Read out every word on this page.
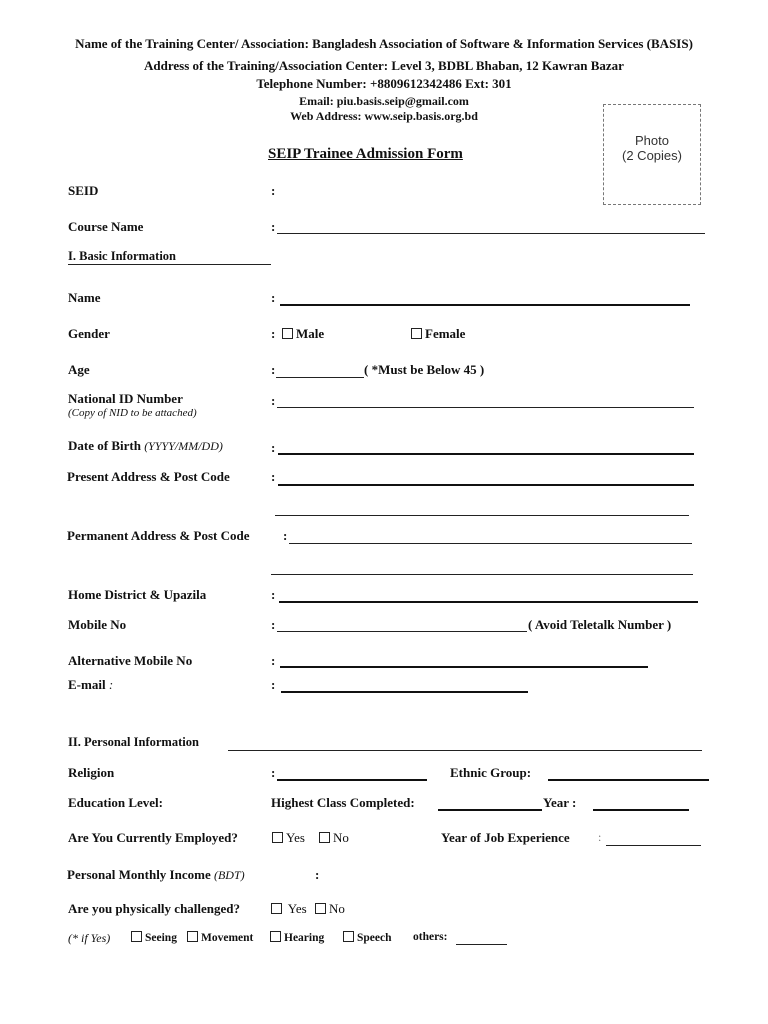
Name of the Training Center/ Association: Bangladesh Association of Software & Information Services (BASIS)
Address of the Training/Association Center: Level 3, BDBL Bhaban, 12 Kawran Bazar
Telephone Number: +8809612342486 Ext: 301
Email: piu.basis.seip@gmail.com
Web Address: www.seip.basis.org.bd
Photo
(2 Copies)
SEIP Trainee Admission Form
SEID	:
Course Name	:
I. Basic Information
Name	:
Gender	:	Male	Female
Age	:	( *Must be Below 45 )
National ID Number
(Copy of NID to be attached)
:
Date of Birth (YYYY/MM/DD)	:
Present Address & Post Code	:
Permanent Address & Post Code	:
Home District & Upazila	:
Mobile No	:	( Avoid Teletalk Number )
Alternative Mobile No	:
E-mail :	:
II. Personal Information
Religion	:	Ethnic Group:
Education Level:	Highest Class Completed:	Year :
Are You Currently Employed?	Yes	No	Year of Job Experience :
Personal Monthly Income (BDT)	:
Are you physically challenged?	Yes	No
(* if Yes)	Seeing	Movement	Hearing	Speech others:
